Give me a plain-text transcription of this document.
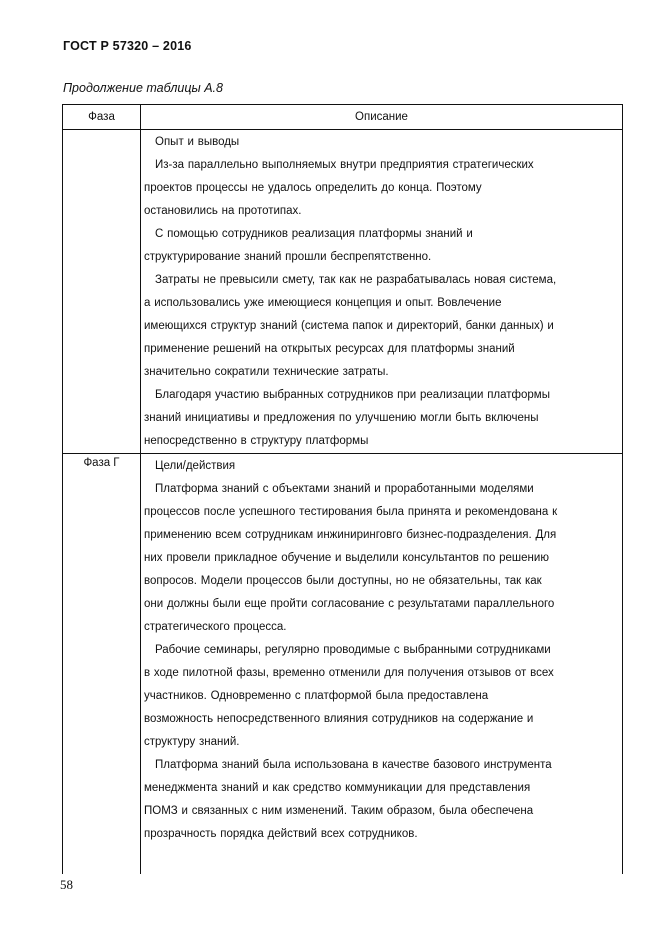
ГОСТ Р 57320 – 2016
Продолжение таблицы А.8
Фаза	Описание
Опыт и выводы
Из-за параллельно выполняемых внутри предприятия стратегических
проектов процессы не удалось определить до конца. Поэтому
остановились на прототипах.
С помощью сотрудников реализация платформы знаний и
структурирование знаний прошли беспрепятственно.
Затраты не превысили смету, так как не разрабатывалась новая система,
а использовались уже имеющиеся концепция и опыт. Вовлечение
имеющихся структур знаний (система папок и директорий, банки данных) и
применение решений на открытых ресурсах для платформы знаний
значительно сократили технические затраты.
Благодаря участию выбранных сотрудников при реализации платформы
знаний инициативы и предложения по улучшению могли быть включены
непосредственно в структуру платформы
Фаза Г	Цели/действия
Платформа знаний с объектами знаний и проработанными моделями
процессов после успешного тестирования была принята и рекомендована к
применению всем сотрудникам инжиниринговго бизнес-подразделения. Для
них провели прикладное обучение и выделили консультантов по решению
вопросов. Модели процессов были доступны, но не обязательны, так как
они должны были еще пройти согласование с результатами параллельного
стратегического процесса.
Рабочие семинары, регулярно проводимые с выбранными сотрудниками
в ходе пилотной фазы, временно отменили для получения отзывов от всех
участников. Одновременно с платформой была предоставлена
возможность непосредственного влияния сотрудников на содержание и
структуру знаний.
Платформа знаний была использована в качестве базового инструмента
менеджмента знаний и как средство коммуникации для представления
ПОМЗ и связанных с ним изменений. Таким образом, была обеспечена
прозрачность порядка действий всех сотрудников.
58
